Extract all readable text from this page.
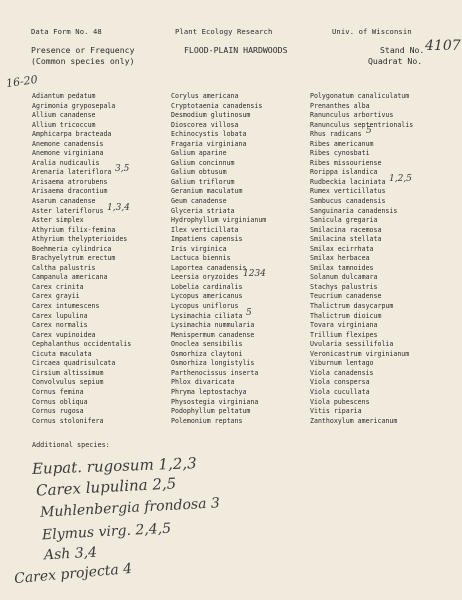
Data Form No. 48	Plant Ecology Research	Univ. of Wisconsin
Presence or Frequency
(Common species only)
FLOOD-PLAIN HARDWOODS	Stand No. 4107
Quadrat No.
16-20
Adiantum pedatum
Agrimonia gryposepala
Allium canadense
Allium tricoccum
Amphicarpa bracteada
Anemone canadensis
Anemone virginiana
Aralia nudicaulis
Arenaria lateriflora 3,5
Arisaema atrorubens
Arisaema dracontium
Asarum canadense
Aster lateriflorus 1,3,4
Aster simplex
Athyrium filix-femina
Athyrium thelypterioides
Boehmeria cylindrica
Brachyelytrum erectum
Caltha palustris
Campanula americana
Carex crinita
Carex grayii
Carex intumescens
Carex lupulina
Carex normalis
Carex vupinoidea
Cephalanthus occidentalis
Cicuta maculata
Circaea quadrisulcata
Cirsium altissimum
Convolvulus sepium
Cornus femina
Cornus obliqua
Cornus rugosa
Cornus stolonifera
Corylus americana
Cryptotaenia canadensis
Desmodium glutinosum
Dioscorea villosa
Echinocystis lobata
Fragaria virginiana
Galium aparine
Galium concinnum
Galium obtusum
Galium triflorum
Geranium maculatum
Geum canadense
Glyceria striata
Hydrophyllum virginianum
Ilex verticillata
Impatiens capensis
Iris virginica
Lactuca biennis
Laportea canadensis
Leersia oryzoides 1234
Lobelia cardinalis
Lycopus americanus
Lycopus uniflorus
Lysimachia ciliata 5
Lysimachia nummularia
Menispermum canadense
Onoclea sensibilis
Osmorhiza claytoni
Osmorhiza longistylis
Parthenocissus inserta
Phlox divaricata
Phryma leptostachya
Physostegia virginiana
Podophyllum peltatum
Polemonium reptans
Polygonatum canaliculatum
Prenanthes alba
Ranunculus arbortivus
Ranunculus septentrionalis
Rhus radicans 5
Ribes americanum
Ribes cynosbati
Ribes missouriense
Rorippa islandica
Rudbeckia laciniata 1,2,5
Rumex verticillatus
Sambucus canadensis
Sanguinaria canadensis
Sanicula gregaria
Smilacina racemosa
Smilacina stellata
Smilax ecirrhata
Smilax herbacea
Smilax tamnoides
Solanum dulcamara
Stachys palustris
Teucrium canadense
Thalictrum dasycarpum
Thalictrum dioicum
Tovara virginiana
Trillium flexipes
Uvularia sessilifolia
Veronicastrum virginianum
Viburnum lentago
Viola canadensis
Viola conspersa
Viola cucullata
Viola pubescens
Vitis riparia
Zanthoxylum americanum
Additional species:
Eupat. rugosum 1,2,3
Carex lupulina 2,5
Muhlenbergia frondosa 3
Elymus virg. 2,4,5
Ash 3,4
Carex projecta 4
